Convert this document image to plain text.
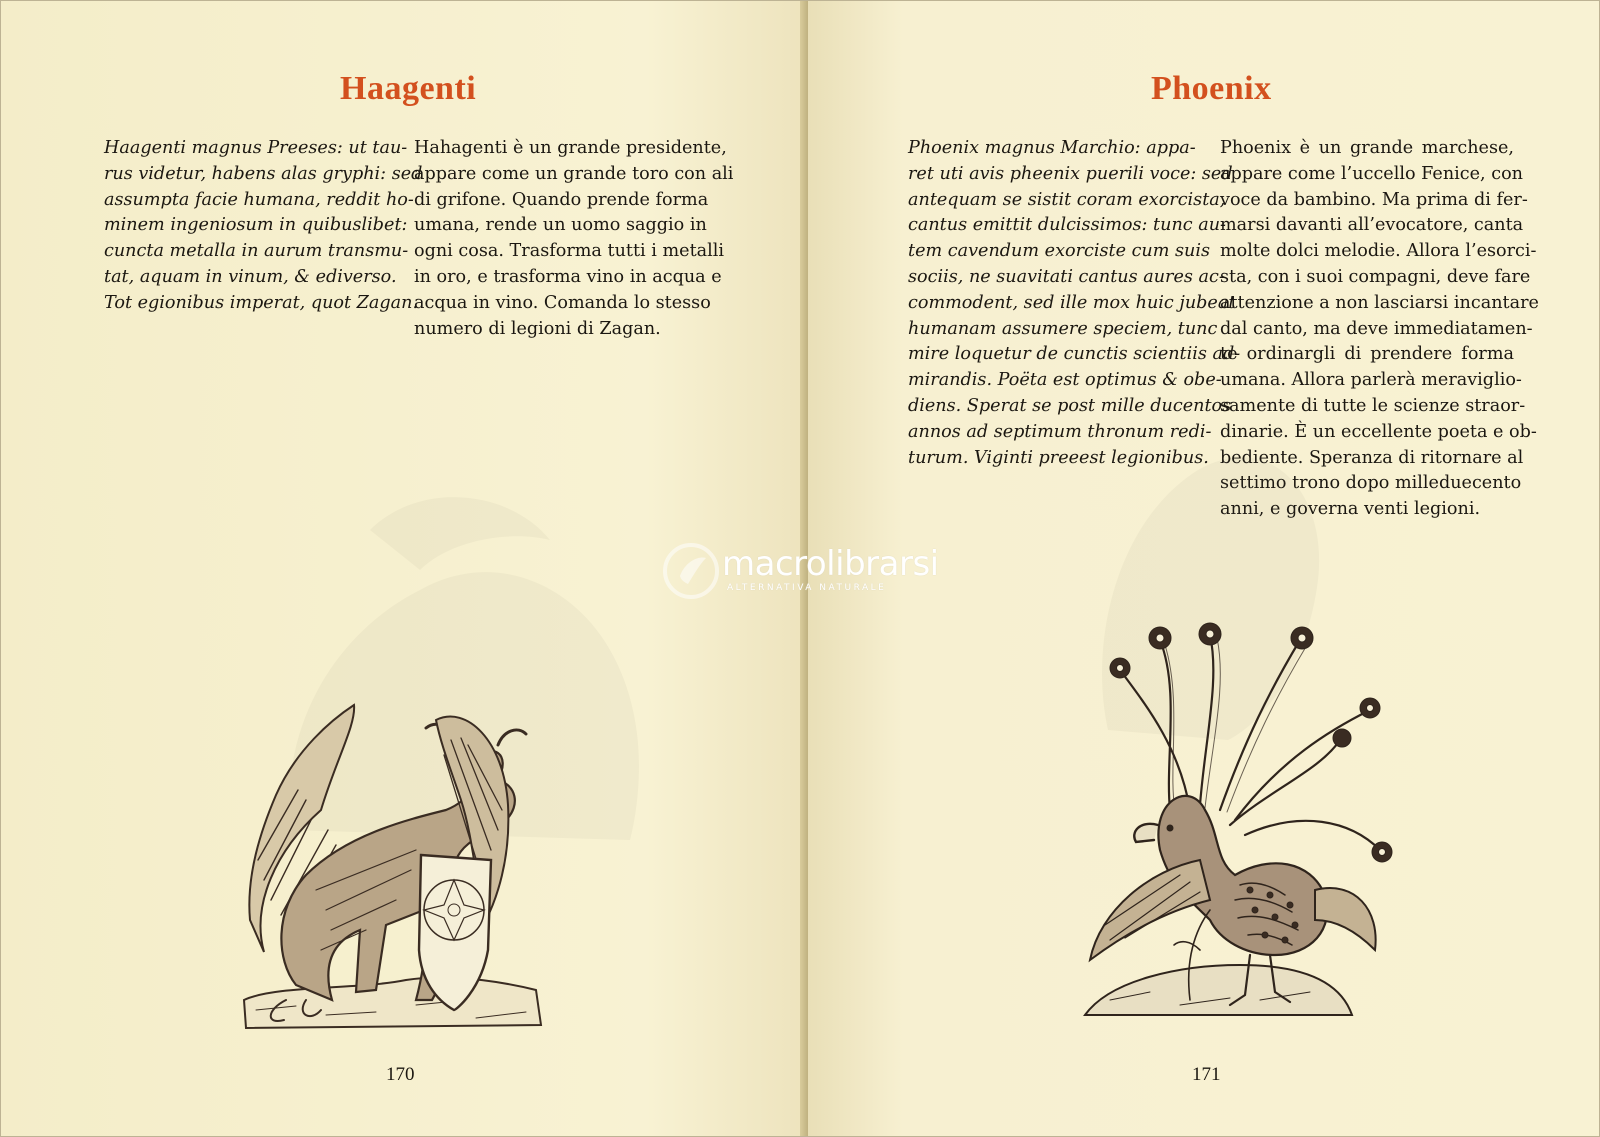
Haagenti
Haagenti magnus Preeses: ut tau-
rus videtur, habens alas gryphi: sed
assumpta facie humana, reddit ho-
minem ingeniosum in quibuslibet:
cuncta metalla in aurum transmu-
tat, aquam in vinum, & ediverso.
Tot egionibus imperat, quot Zagan.
Hahagenti è un grande presidente,
appare come un grande toro con ali
di grifone. Quando prende forma
umana, rende un uomo saggio in
ogni cosa. Trasforma tutti i metalli
in oro, e trasforma vino in acqua e
acqua in vino. Comanda lo stesso
numero di legioni di Zagan.
170
Phoenix
Phoenix magnus Marchio: appa-
ret uti avis pheenix puerili voce: sed
antequam se sistit coram exorcista,
cantus emittit dulcissimos: tunc au-
tem cavendum exorciste cum suis
sociis, ne suavitati cantus aures ac-
commodent, sed ille mox huic jubeat
humanam assumere speciem, tunc
mire loquetur de cunctis scientiis ad-
mirandis. Poëta est optimus & obe-
diens. Sperat se post mille ducentos
annos ad septimum thronum redi-
turum. Viginti preeest legionibus.
Phoenix è un grande marchese,
appare come l’uccello Fenice, con
voce da bambino. Ma prima di fer-
marsi davanti all’evocatore, canta
molte dolci melodie. Allora l’esorci-
sta, con i suoi compagni, deve fare
attenzione a non lasciarsi incantare
dal canto, ma deve immediatamen-
te ordinargli di prendere forma
umana. Allora parlerà meraviglio-
samente di tutte le scienze straor-
dinarie. È un eccellente poeta e ob-
bediente. Speranza di ritornare al
settimo trono dopo milleduecento
anni, e governa venti legioni.
171
macrolibrarsi
ALTERNATIVA NATURALE
